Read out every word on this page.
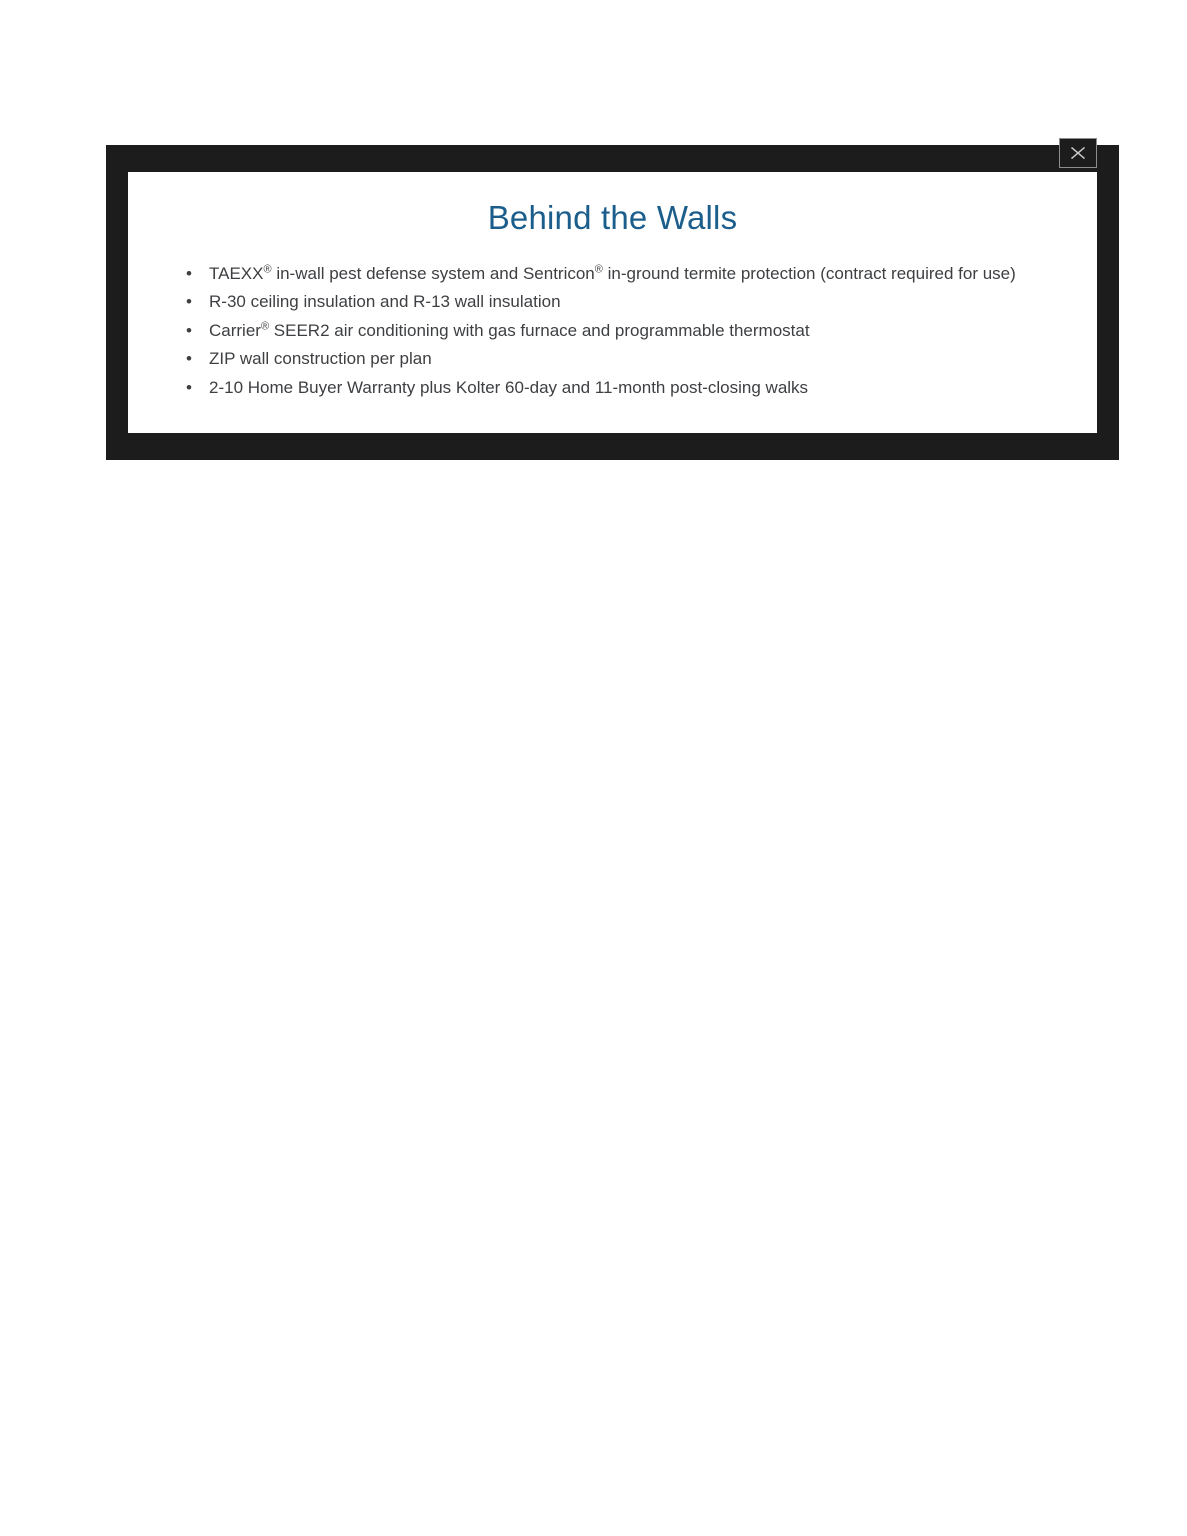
Behind the Walls
• TAEXX® in-wall pest defense system and Sentricon® in-ground termite protection (contract required for use)
• R-30 ceiling insulation and R-13 wall insulation
• Carrier® SEER2 air conditioning with gas furnace and programmable thermostat
• ZIP wall construction per plan
• 2-10 Home Buyer Warranty plus Kolter 60-day and 11-month post-closing walks
